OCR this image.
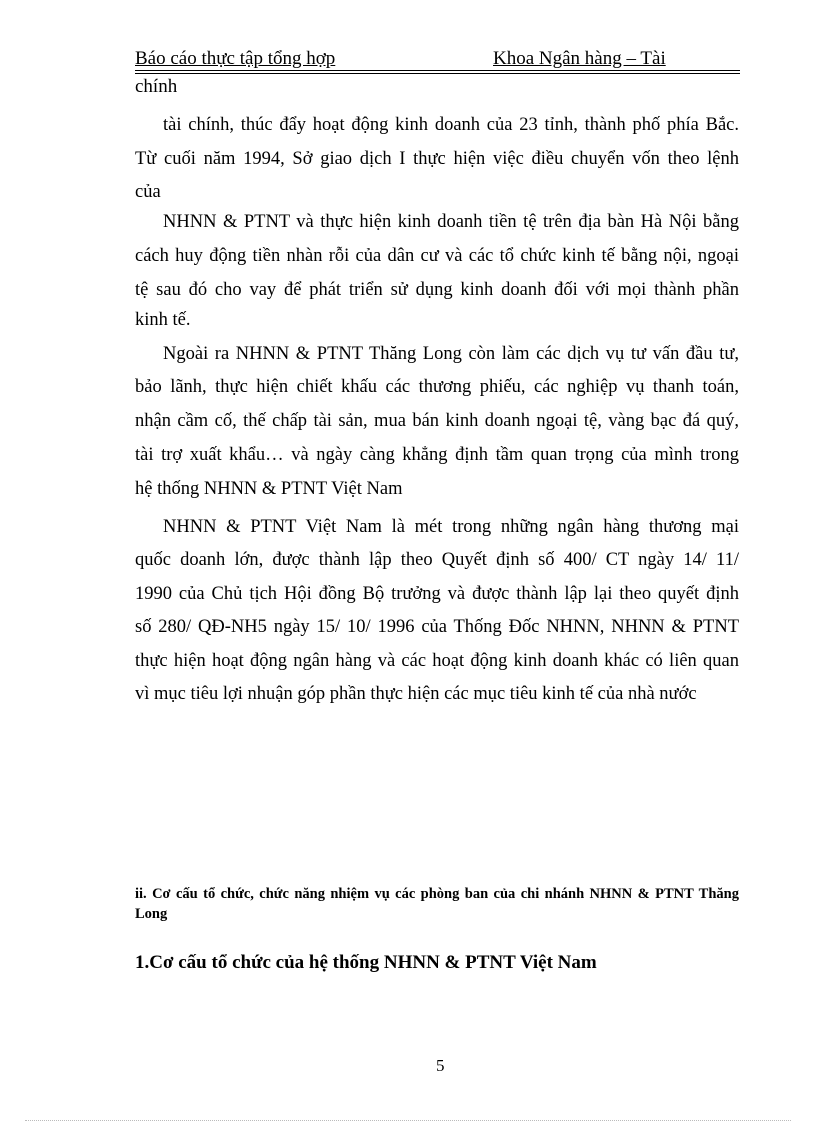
Báo cáo thực tập tổng hợp	Khoa Ngân hàng – Tài
chính
tài chính, thúc đẩy hoạt động kinh doanh của 23 tỉnh, thành phố phía Bắc.
Từ cuối năm 1994, Sở giao dịch I thực hiện việc điều chuyển vốn theo lệnh
của
NHNN & PTNT và thực hiện kinh doanh tiền tệ trên địa bàn Hà Nội bằng
cách huy động tiền nhàn rỗi của dân cư và các tổ chức kinh tế bằng nội, ngoại
tệ sau đó cho vay để phát triển sử dụng kinh doanh đối với mọi thành phần
kinh tế.
Ngoài ra NHNN & PTNT Thăng Long còn làm các dịch vụ tư vấn đầu tư,
bảo lãnh, thực hiện chiết khấu các thương phiếu, các nghiệp vụ thanh toán,
nhận cầm cố, thế chấp tài sản, mua bán kinh doanh ngoại tệ, vàng bạc đá quý,
tài trợ xuất khẩu… và ngày càng khẳng định tầm quan trọng của mình trong
hệ thống NHNN & PTNT Việt Nam
NHNN & PTNT Việt Nam là mét trong những ngân hàng thương mại
quốc doanh lớn, được thành lập theo Quyết định số 400/ CT ngày 14/ 11/
1990 của Chủ tịch Hội đồng Bộ trưởng và được thành lập lại theo quyết định
số 280/ QĐ-NH5 ngày 15/ 10/ 1996 của Thống Đốc NHNN, NHNN & PTNT
thực hiện hoạt động ngân hàng và các hoạt động kinh doanh khác có liên quan
vì mục tiêu lợi nhuận góp phần thực hiện các mục tiêu kinh tế của nhà nước
ii. Cơ cấu tổ chức, chức năng nhiệm vụ các phòng ban của chi nhánh NHNN & PTNT Thăng Long
1.Cơ cấu tổ chức của hệ thống NHNN & PTNT Việt Nam
5
